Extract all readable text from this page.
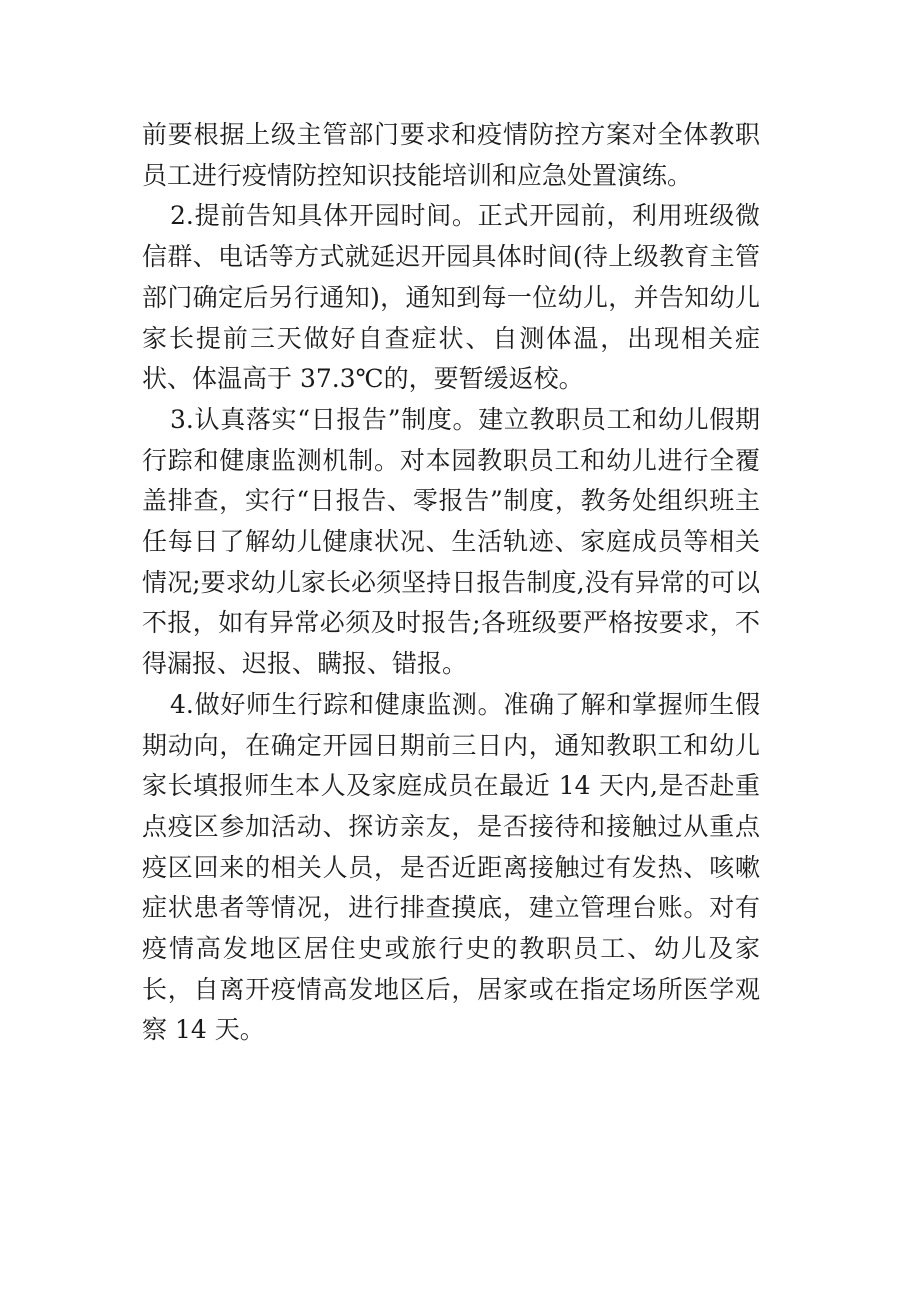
前要根据上级主管部门要求和疫情防控方案对全体教职员工进行疫情防控知识技能培训和应急处置演练。

2.提前告知具体开园时间。正式开园前，利用班级微信群、电话等方式就延迟开园具体时间(待上级教育主管部门确定后另行通知)，通知到每一位幼儿，并告知幼儿家长提前三天做好自查症状、自测体温，出现相关症状、体温高于 37.3℃的，要暂缓返校。

3.认真落实“日报告”制度。建立教职员工和幼儿假期行踪和健康监测机制。对本园教职员工和幼儿进行全覆盖排查，实行“日报告、零报告”制度，教务处组织班主任每日了解幼儿健康状况、生活轨迹、家庭成员等相关情况;要求幼儿家长必须坚持日报告制度,没有异常的可以不报，如有异常必须及时报告;各班级要严格按要求，不得漏报、迟报、瞒报、错报。

4.做好师生行踪和健康监测。准确了解和掌握师生假期动向，在确定开园日期前三日内，通知教职工和幼儿家长填报师生本人及家庭成员在最近 14 天内,是否赴重点疫区参加活动、探访亲友，是否接待和接触过从重点疫区回来的相关人员，是否近距离接触过有发热、咳嗽症状患者等情况，进行排查摸底，建立管理台账。对有疫情高发地区居住史或旅行史的教职员工、幼儿及家长，自离开疫情高发地区后，居家或在指定场所医学观察 14 天。
